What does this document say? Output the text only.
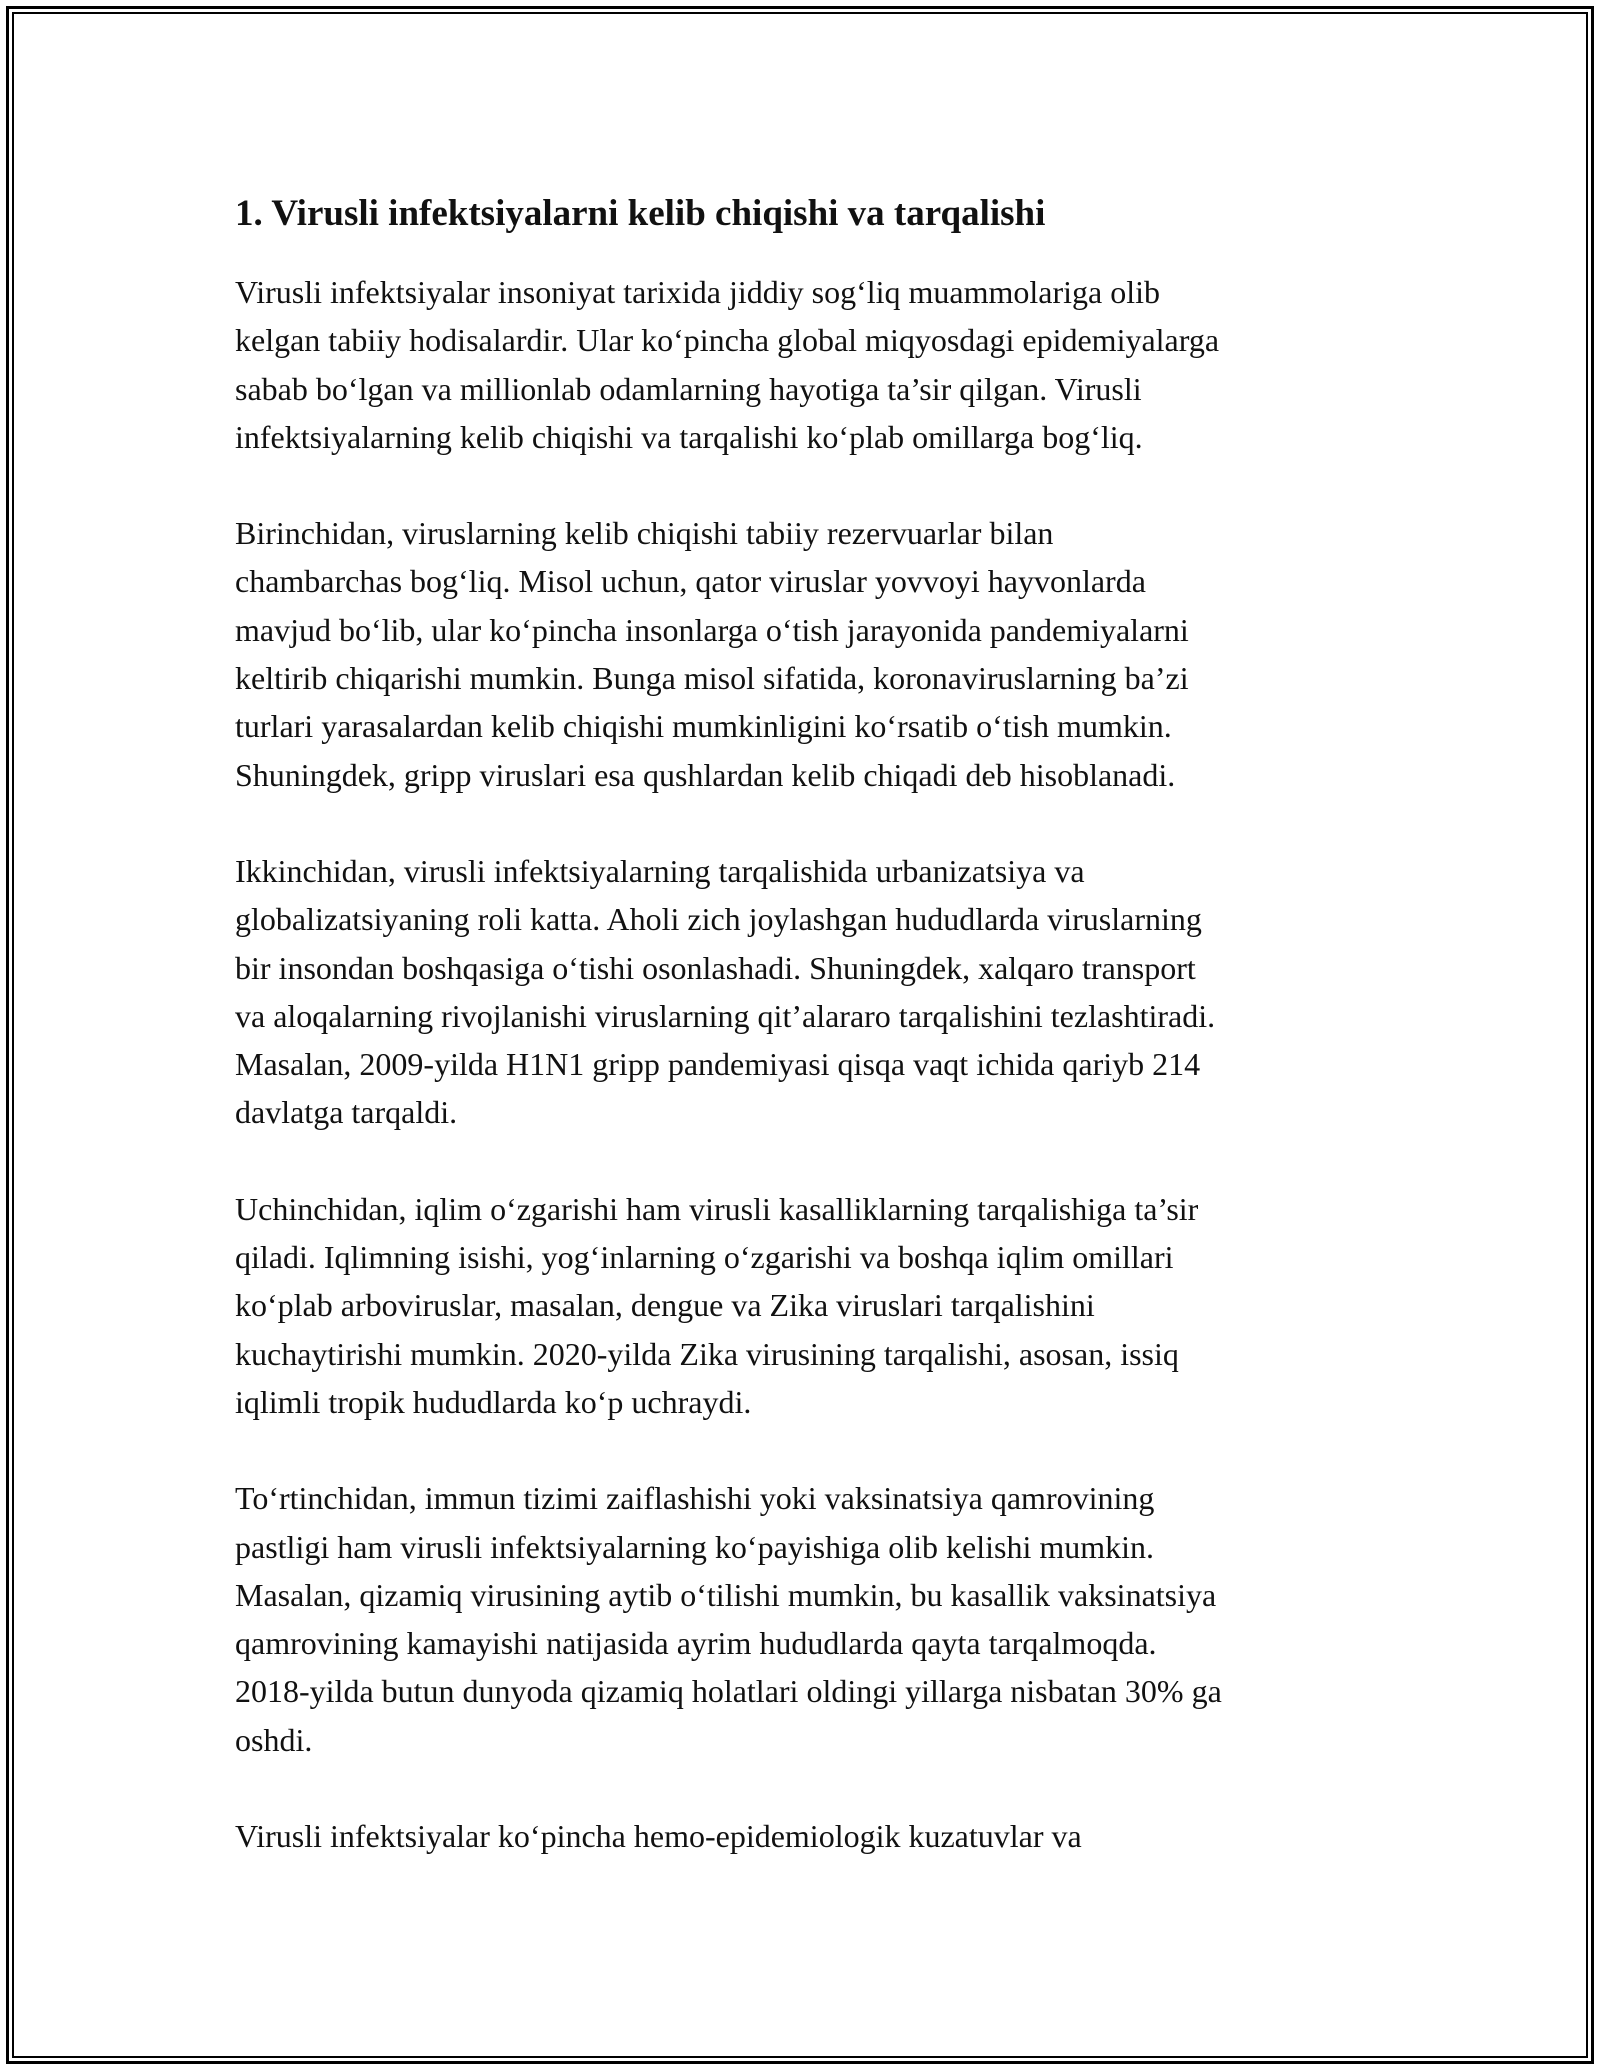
1. Virusli infektsiyalarni kelib chiqishi va tarqalishi

Virusli infektsiyalar insoniyat tarixida jiddiy sog‘liq muammolariga olib
kelgan tabiiy hodisalardir. Ular ko‘pincha global miqyosdagi epidemiyalarga
sabab bo‘lgan va millionlab odamlarning hayotiga ta’sir qilgan. Virusli
infektsiyalarning kelib chiqishi va tarqalishi ko‘plab omillarga bog‘liq.

Birinchidan, viruslarning kelib chiqishi tabiiy rezervuarlar bilan
chambarchas bog‘liq. Misol uchun, qator viruslar yovvoyi hayvonlarda
mavjud bo‘lib, ular ko‘pincha insonlarga o‘tish jarayonida pandemiyalarni
keltirib chiqarishi mumkin. Bunga misol sifatida, koronaviruslarning ba’zi
turlari yarasalardan kelib chiqishi mumkinligini ko‘rsatib o‘tish mumkin.
Shuningdek, gripp viruslari esa qushlardan kelib chiqadi deb hisoblanadi.

Ikkinchidan, virusli infektsiyalarning tarqalishida urbanizatsiya va
globalizatsiyaning roli katta. Aholi zich joylashgan hududlarda viruslarning
bir insondan boshqasiga o‘tishi osonlashadi. Shuningdek, xalqaro transport
va aloqalarning rivojlanishi viruslarning qit’alararo tarqalishini tezlashtiradi.
Masalan, 2009-yilda H1N1 gripp pandemiyasi qisqa vaqt ichida qariyb 214
davlatga tarqaldi.

Uchinchidan, iqlim o‘zgarishi ham virusli kasalliklarning tarqalishiga ta’sir
qiladi. Iqlimning isishi, yog‘inlarning o‘zgarishi va boshqa iqlim omillari
ko‘plab arboviruslar, masalan, dengue va Zika viruslari tarqalishini
kuchaytirishi mumkin. 2020-yilda Zika virusining tarqalishi, asosan, issiq
iqlimli tropik hududlarda ko‘p uchraydi.

To‘rtinchidan, immun tizimi zaiflashishi yoki vaksinatsiya qamrovining
pastligi ham virusli infektsiyalarning ko‘payishiga olib kelishi mumkin.
Masalan, qizamiq virusining aytib o‘tilishi mumkin, bu kasallik vaksinatsiya
qamrovining kamayishi natijasida ayrim hududlarda qayta tarqalmoqda.
2018-yilda butun dunyoda qizamiq holatlari oldingi yillarga nisbatan 30% ga
oshdi.

Virusli infektsiyalar ko‘pincha hemo-epidemiologik kuzatuvlar va
